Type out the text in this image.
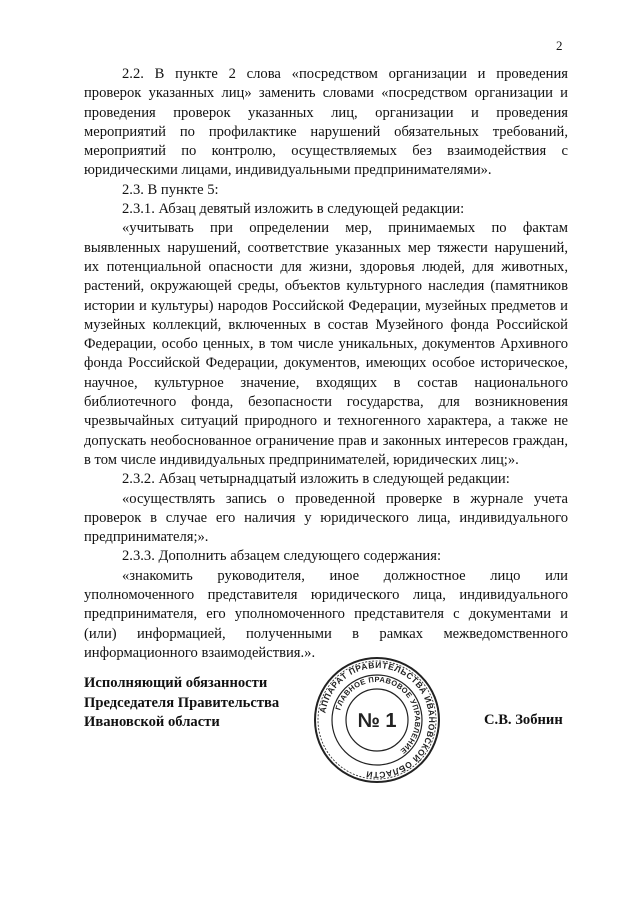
2

2.2. В пункте 2 слова «посредством организации и проведения проверок указанных лиц» заменить словами «посредством организации и проведения проверок указанных лиц, организации и проведения мероприятий по профилактике нарушений обязательных требований, мероприятий по контролю, осуществляемых без взаимодействия с юридическими лицами, индивидуальными предпринимателями».

2.3. В пункте 5:

2.3.1. Абзац девятый изложить в следующей редакции:

«учитывать при определении мер, принимаемых по фактам выявленных нарушений, соответствие указанных мер тяжести нарушений, их потенциальной опасности для жизни, здоровья людей, для животных, растений, окружающей среды, объектов культурного наследия (памятников истории и культуры) народов Российской Федерации, музейных предметов и музейных коллекций, включенных в состав Музейного фонда Российской Федерации, особо ценных, в том числе уникальных, документов Архивного фонда Российской Федерации, документов, имеющих особое историческое, научное, культурное значение, входящих в состав национального библиотечного фонда, безопасности государства, для возникновения чрезвычайных ситуаций природного и техногенного характера, а также не допускать необоснованное ограничение прав и законных интересов граждан, в том числе индивидуальных предпринимателей, юридических лиц;».

2.3.2. Абзац четырнадцатый изложить в следующей редакции:

«осуществлять запись о проведенной проверке в журнале учета проверок в случае его наличия у юридического лица, индивидуального предпринимателя;».

2.3.3. Дополнить абзацем следующего содержания:

«знакомить руководителя, иное должностное лицо или уполномоченного представителя юридического лица, индивидуального предпринимателя, его уполномоченного представителя с документами и (или) информацией, полученными в рамках межведомственного информационного взаимодействия.».

Исполняющий обязанности
Председателя Правительства
Ивановской области	С.В. Зобнин
АППАРАТ ПРАВИТЕЛЬСТВА ИВАНОВСКОЙ ОБЛАСТИ
ГЛАВНОЕ ПРАВОВОЕ УПРАВЛЕНИЕ
№ 1
